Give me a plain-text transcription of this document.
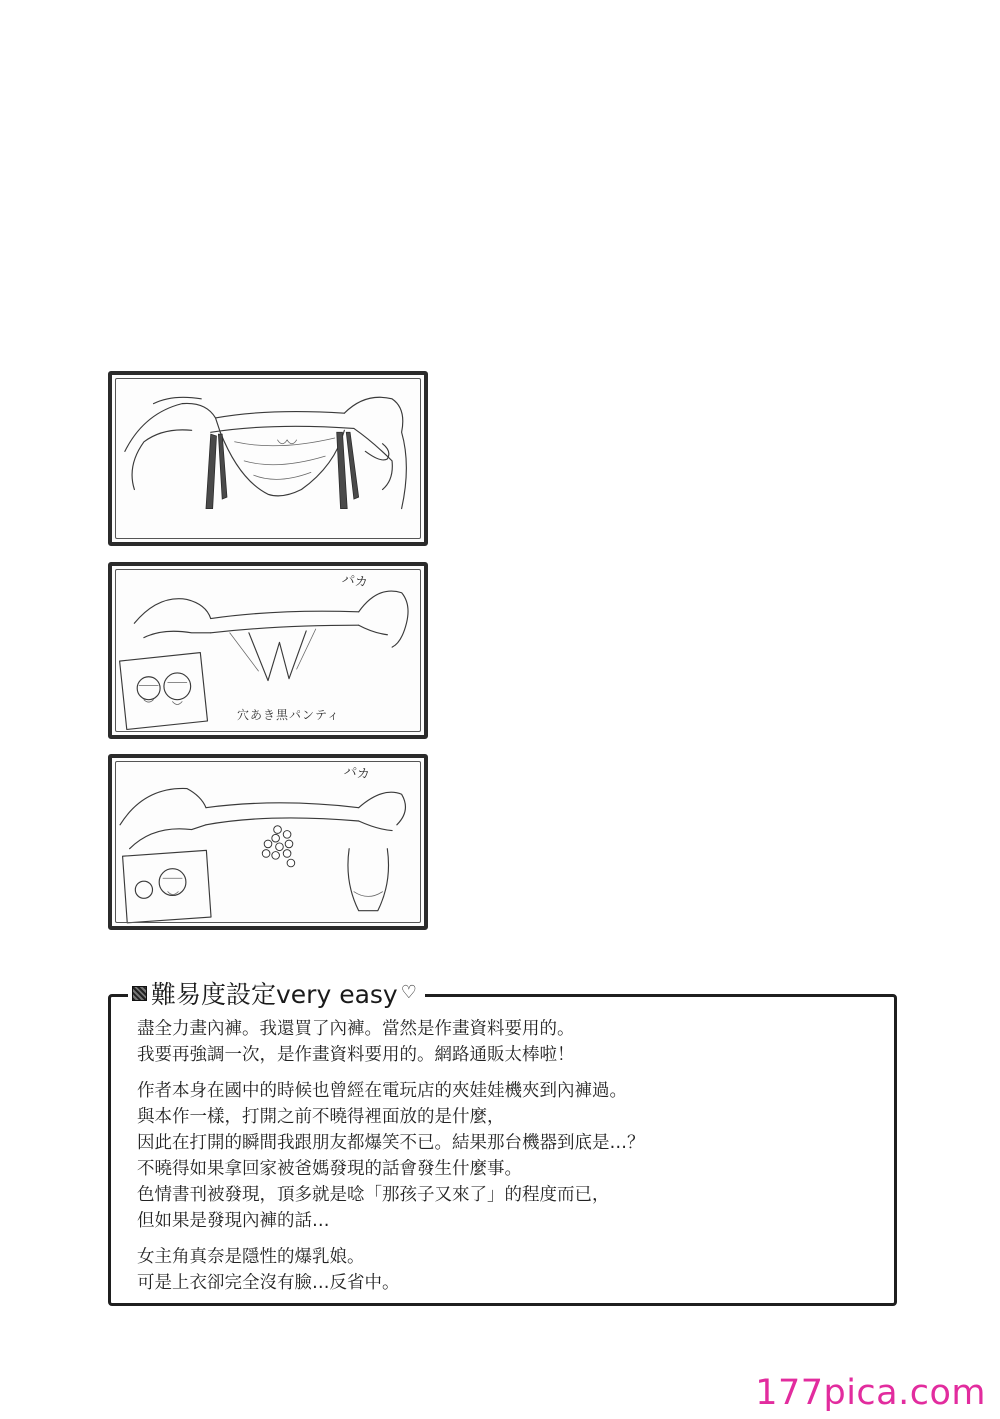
パカ
穴あき黒パンティ
パカ
難易度設定very easy ♡
盡全力畫內褲。我還買了內褲。當然是作畫資料要用的。
我要再強調一次，是作畫資料要用的。網路通販太棒啦！
作者本身在國中的時候也曾經在電玩店的夾娃娃機夾到內褲過。
與本作一樣，打開之前不曉得裡面放的是什麼，
因此在打開的瞬間我跟朋友都爆笑不已。結果那台機器到底是…？
不曉得如果拿回家被爸媽發現的話會發生什麼事。
色情書刊被發現，頂多就是唸「那孩子又來了」的程度而已，
但如果是發現內褲的話…
女主角真奈是隱性的爆乳娘。
可是上衣卻完全沒有臉…反省中。
177pica.com
